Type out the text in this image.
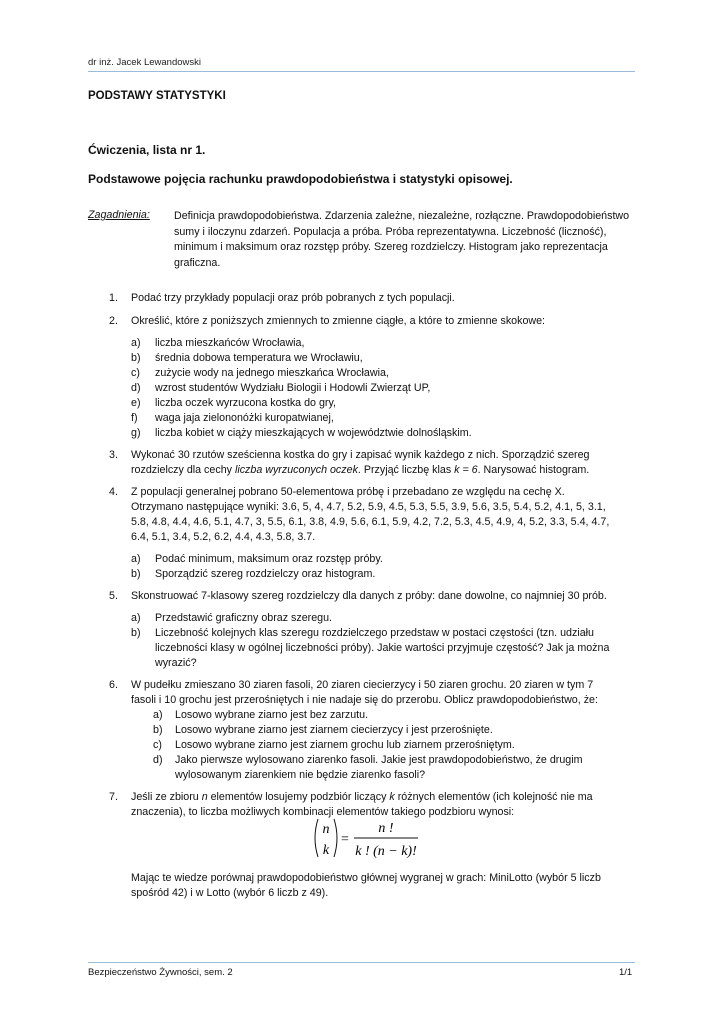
dr inż. Jacek Lewandowski
PODSTAWY STATYSTYKI
Ćwiczenia, lista nr 1.
Podstawowe pojęcia rachunku prawdopodobieństwa i statystyki opisowej.
Zagadnienia: Definicja prawdopodobieństwa. Zdarzenia zależne, niezależne, rozłączne. Prawdopodobieństwo sumy i iloczynu zdarzeń. Populacja a próba. Próba reprezentatywna. Liczebność (liczność), minimum i maksimum oraz rozstęp próby. Szereg rozdzielczy. Histogram jako reprezentacja graficzna.
1. Podać trzy przykłady populacji oraz prób pobranych z tych populacji.
2. Określić, które z poniższych zmiennych to zmienne ciągłe, a które to zmienne skokowe:
a) liczba mieszkańców Wrocławia,
b) średnia dobowa temperatura we Wrocławiu,
c) zużycie wody na jednego mieszkańca Wrocławia,
d) wzrost studentów Wydziału Biologii i Hodowli Zwierząt UP,
e) liczba oczek wyrzucona kostka do gry,
f) waga jaja zielononóżki kuropatwianej,
g) liczba kobiet w ciąży mieszkających w województwie dolnośląskim.
3. Wykonać 30 rzutów sześcienna kostka do gry i zapisać wynik każdego z nich. Sporządzić szereg
rozdzielczy dla cechy liczba wyrzuconych oczek. Przyjąć liczbę klas k = 6. Narysować histogram.
4. Z populacji generalnej pobrano 50-elementowa próbę i przebadano ze względu na cechę X.
Otrzymano następujące wyniki: 3.6, 5, 4, 4.7, 5.2, 5.9, 4.5, 5.3, 5.5, 3.9, 5.6, 3.5, 5.4, 5.2, 4.1, 5, 3.1,
5.8, 4.8, 4.4, 4.6, 5.1, 4.7, 3, 5.5, 6.1, 3.8, 4.9, 5.6, 6.1, 5.9, 4.2, 7.2, 5.3, 4.5, 4.9, 4, 5.2, 3.3, 5.4, 4.7,
6.4, 5.1, 3.4, 5.2, 6.2, 4.4, 4.3, 5.8, 3.7.
a) Podać minimum, maksimum oraz rozstęp próby.
b) Sporządzić szereg rozdzielczy oraz histogram.
5. Skonstruować 7-klasowy szereg rozdzielczy dla danych z próby: dane dowolne, co najmniej 30 prób.
a) Przedstawić graficzny obraz szeregu.
b) Liczebność kolejnych klas szeregu rozdzielczego przedstaw w postaci częstości (tzn. udziału
liczebności klasy w ogólnej liczebności próby). Jakie wartości przyjmuje częstość? Jak ja można
wyrazić?
6. W pudełku zmieszano 30 ziaren fasoli, 20 ziaren ciecierzycy i 50 ziaren grochu. 20 ziaren w tym 7
fasoli i 10 grochu jest przerośniętych i nie nadaje się do przerobu. Oblicz prawdopodobieństwo, że:
a) Losowo wybrane ziarno jest bez zarzutu.
b) Losowo wybrane ziarno jest ziarnem ciecierzycy i jest przerośnięte.
c) Losowo wybrane ziarno jest ziarnem grochu lub ziarnem przerośniętym.
d) Jako pierwsze wylosowano ziarenko fasoli. Jakie jest prawdopodobieństwo, że drugim
wylosowanym ziarenkiem nie będzie ziarenko fasoli?
7. Jeśli ze zbioru n elementów losujemy podzbiór liczący k różnych elementów (ich kolejność nie ma
znaczenia), to liczba możliwych kombinacji elementów takiego podzbioru wynosi:
n
k
=
n !
k ! (n − k)!
Mając te wiedze porównaj prawdopodobieństwo głównej wygranej w grach: MiniLotto (wybór 5 liczb
spośród 42) i w Lotto (wybór 6 liczb z 49).
Bezpieczeństwo Żywności, sem. 2	1/1
